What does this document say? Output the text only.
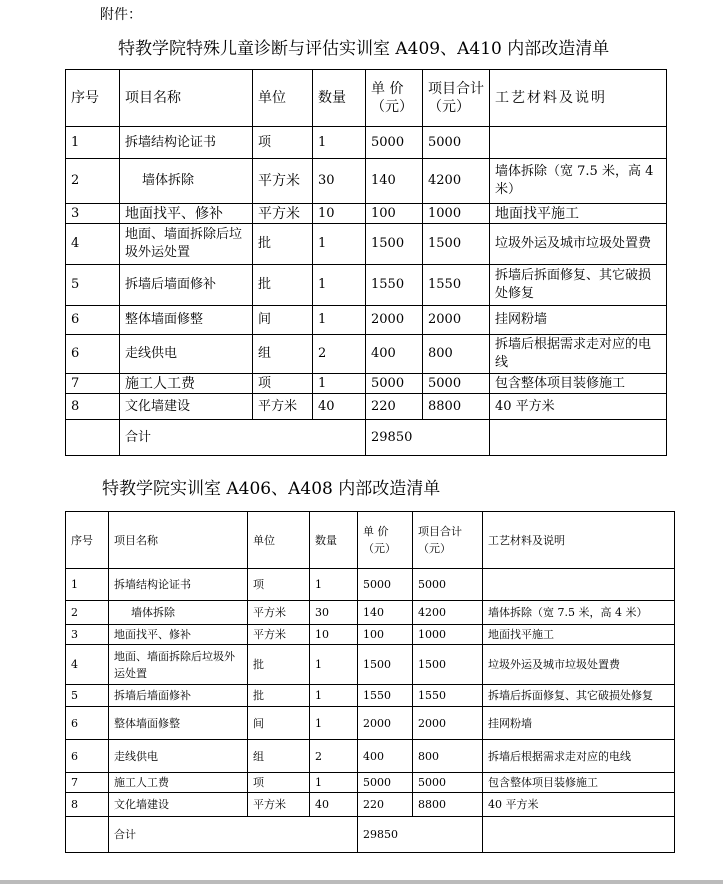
附件：
特教学院特殊儿童诊断与评估实训室 A409、A410 内部改造清单
序号	项目名称	单位	数量	单 价（元）	项目合计（元）	工艺材料及说明
1	拆墙结构论证书	项	1	5000	5000	
2	墙体拆除	平方米	30	140	4200	墙体拆除（宽 7.5 米，高 4 米）
3	地面找平、修补	平方米	10	100	1000	地面找平施工
4	地面、墙面拆除后垃圾外运处置	批	1	1500	1500	垃圾外运及城市垃圾处置费
5	拆墙后墙面修补	批	1	1550	1550	拆墙后拆面修复、其它破损处修复
6	整体墙面修整	间	1	2000	2000	挂网粉墙
6	走线供电	组	2	400	800	拆墙后根据需求走对应的电线
7	施工人工费	项	1	5000	5000	包含整体项目装修施工
8	文化墙建设	平方米	40	220	8800	40 平方米
	合计			29850		
特教学院实训室 A406、A408 内部改造清单
序号	项目名称	单位	数量	单 价（元）	项目合计（元）	工艺材料及说明
1	拆墙结构论证书	项	1	5000	5000	
2	墙体拆除	平方米	30	140	4200	墙体拆除（宽 7.5 米，高 4 米）
3	地面找平、修补	平方米	10	100	1000	地面找平施工
4	地面、墙面拆除后垃圾外运处置	批	1	1500	1500	垃圾外运及城市垃圾处置费
5	拆墙后墙面修补	批	1	1550	1550	拆墙后拆面修复、其它破损处修复
6	整体墙面修整	间	1	2000	2000	挂网粉墙
6	走线供电	组	2	400	800	拆墙后根据需求走对应的电线
7	施工人工费	项	1	5000	5000	包含整体项目装修施工
8	文化墙建设	平方米	40	220	8800	40 平方米
	合计			29850		
